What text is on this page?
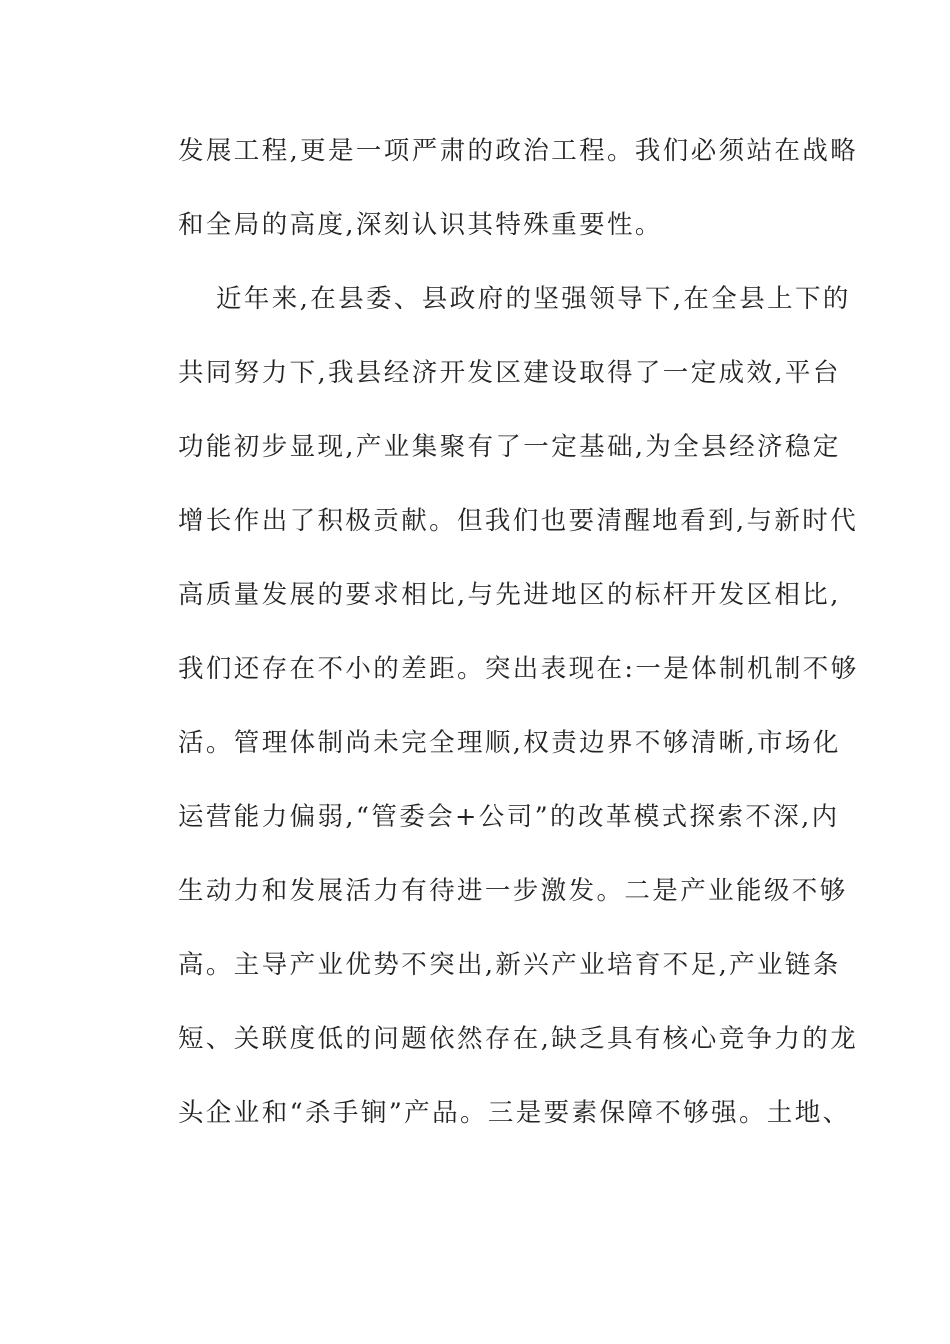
发展工程,更是一项严肃的政治工程。我们必须站在战略
和全局的高度,深刻认识其特殊重要性。
近年来,在县委、县政府的坚强领导下,在全县上下的
共同努力下,我县经济开发区建设取得了一定成效,平台
功能初步显现,产业集聚有了一定基础,为全县经济稳定
增长作出了积极贡献。但我们也要清醒地看到,与新时代
高质量发展的要求相比,与先进地区的标杆开发区相比,
我们还存在不小的差距。突出表现在:一是体制机制不够
活。管理体制尚未完全理顺,权责边界不够清晰,市场化
运营能力偏弱,“管委会+公司”的改革模式探索不深,内
生动力和发展活力有待进一步激发。二是产业能级不够
高。主导产业优势不突出,新兴产业培育不足,产业链条
短、关联度低的问题依然存在,缺乏具有核心竞争力的龙
头企业和“杀手锏”产品。三是要素保障不够强。土地、
